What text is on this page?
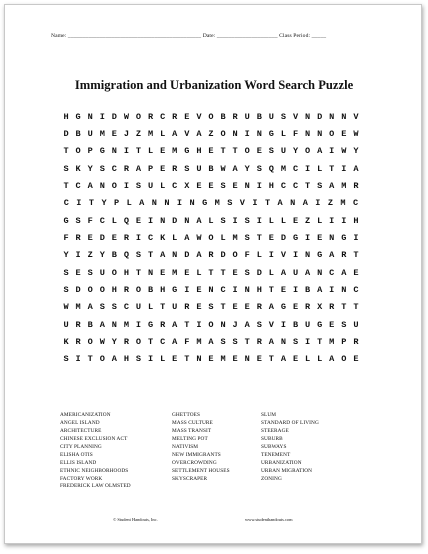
Name: ______________________________________________ Date: _____________________ Class Period: _____
Immigration and Urbanization Word Search Puzzle
H G N I D W O R C R E V O B R U B U S V N D N N V
D B U M E J Z M L A V A Z O N I N G L F N N O E W
T O P G N I T L E M G H E T T O E S U Y O A I W Y
S K Y S C R A P E R S U B W A Y S Q M C I L T I A
T C A N O I S U L C X E E S E N I H C C T S A M R
C I T Y P L A N N I N G M S V I T A N A I Z M C
G S F C L Q E I N D N A L S I S I L L E Z L I I H
F R E D E R I C K L A W O L M S T E D G I E N G I
Y I Z Y B Q S T A N D A R D O F L I V I N G A R T
S E S U O H T N E M E L T T E S D L A U A N C A E
S D O O H R O B H G I E N C I N H T E I B A I N C
W M A S S C U L T U R E S T E E R A G E R X R T T
U R B A N M I G R A T I O N J A S V I B U G E S U
K R O W Y R O T C A F M A S S T R A N S I T M P R
S I T O A H S I L E T N E M E N E T A E L L A O E
AMERICANIZATION
ANGEL ISLAND
ARCHITECTURE
CHINESE EXCLUSION ACT
CITY PLANNING
ELISHA OTIS
ELLIS ISLAND
ETHNIC NEIGHBORHOODS
FACTORY WORK
FREDERICK LAW OLMSTED
GHETTOES
MASS CULTURE
MASS TRANSIT
MELTING POT
NATIVISM
NEW IMMIGRANTS
OVERCROWDING
SETTLEMENT HOUSES
SKYSCRAPER
SLUM
STANDARD OF LIVING
STEERAGE
SUBURB
SUBWAYS
TENEMENT
URBANIZATION
URBAN MIGRATION
ZONING
© Student Handouts, Inc.	www.studenthandouts.com
